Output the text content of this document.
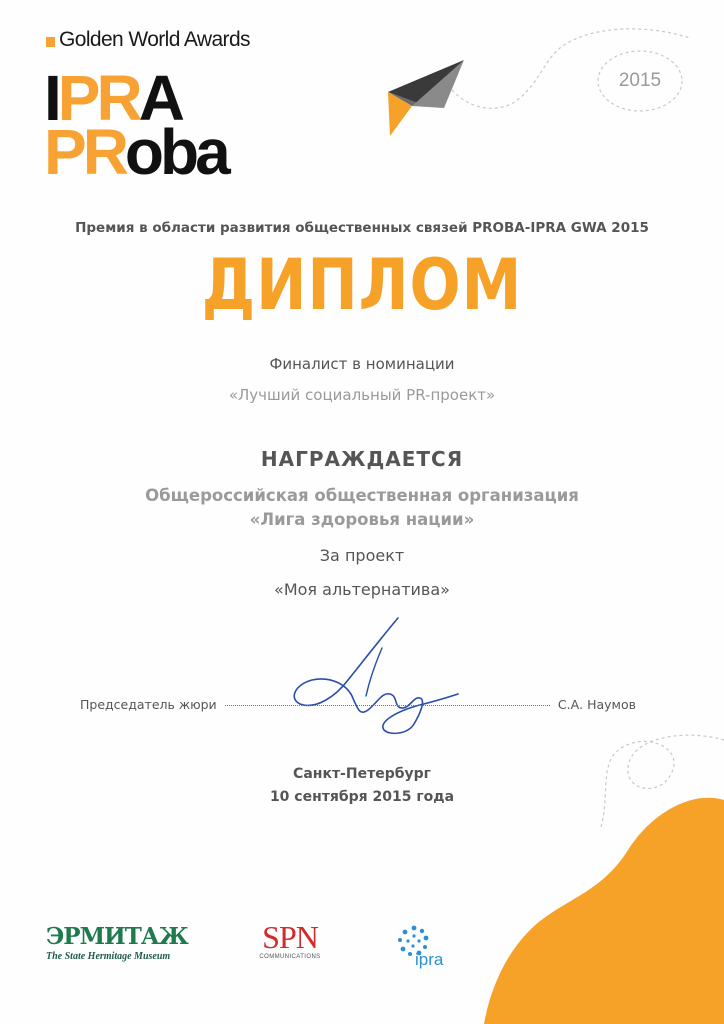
Golden World Awards
IPRA
PRoba
2015

Премия в области развития общественных связей PROBA-IPRA GWA 2015

ДИПЛОМ

Финалист в номинации

«Лучший социальный PR-проект»

НАГРАЖДАЕТСЯ

Общероссийская общественная организация

«Лига здоровья нации»

За проект

«Моя альтернатива»

Председатель жюри	С.А. Наумов

Санкт-Петербург

10 сентября 2015 года

ЭРМИТАЖ
The State Hermitage Museum
SPN
COMMUNICATIONS	ipra
